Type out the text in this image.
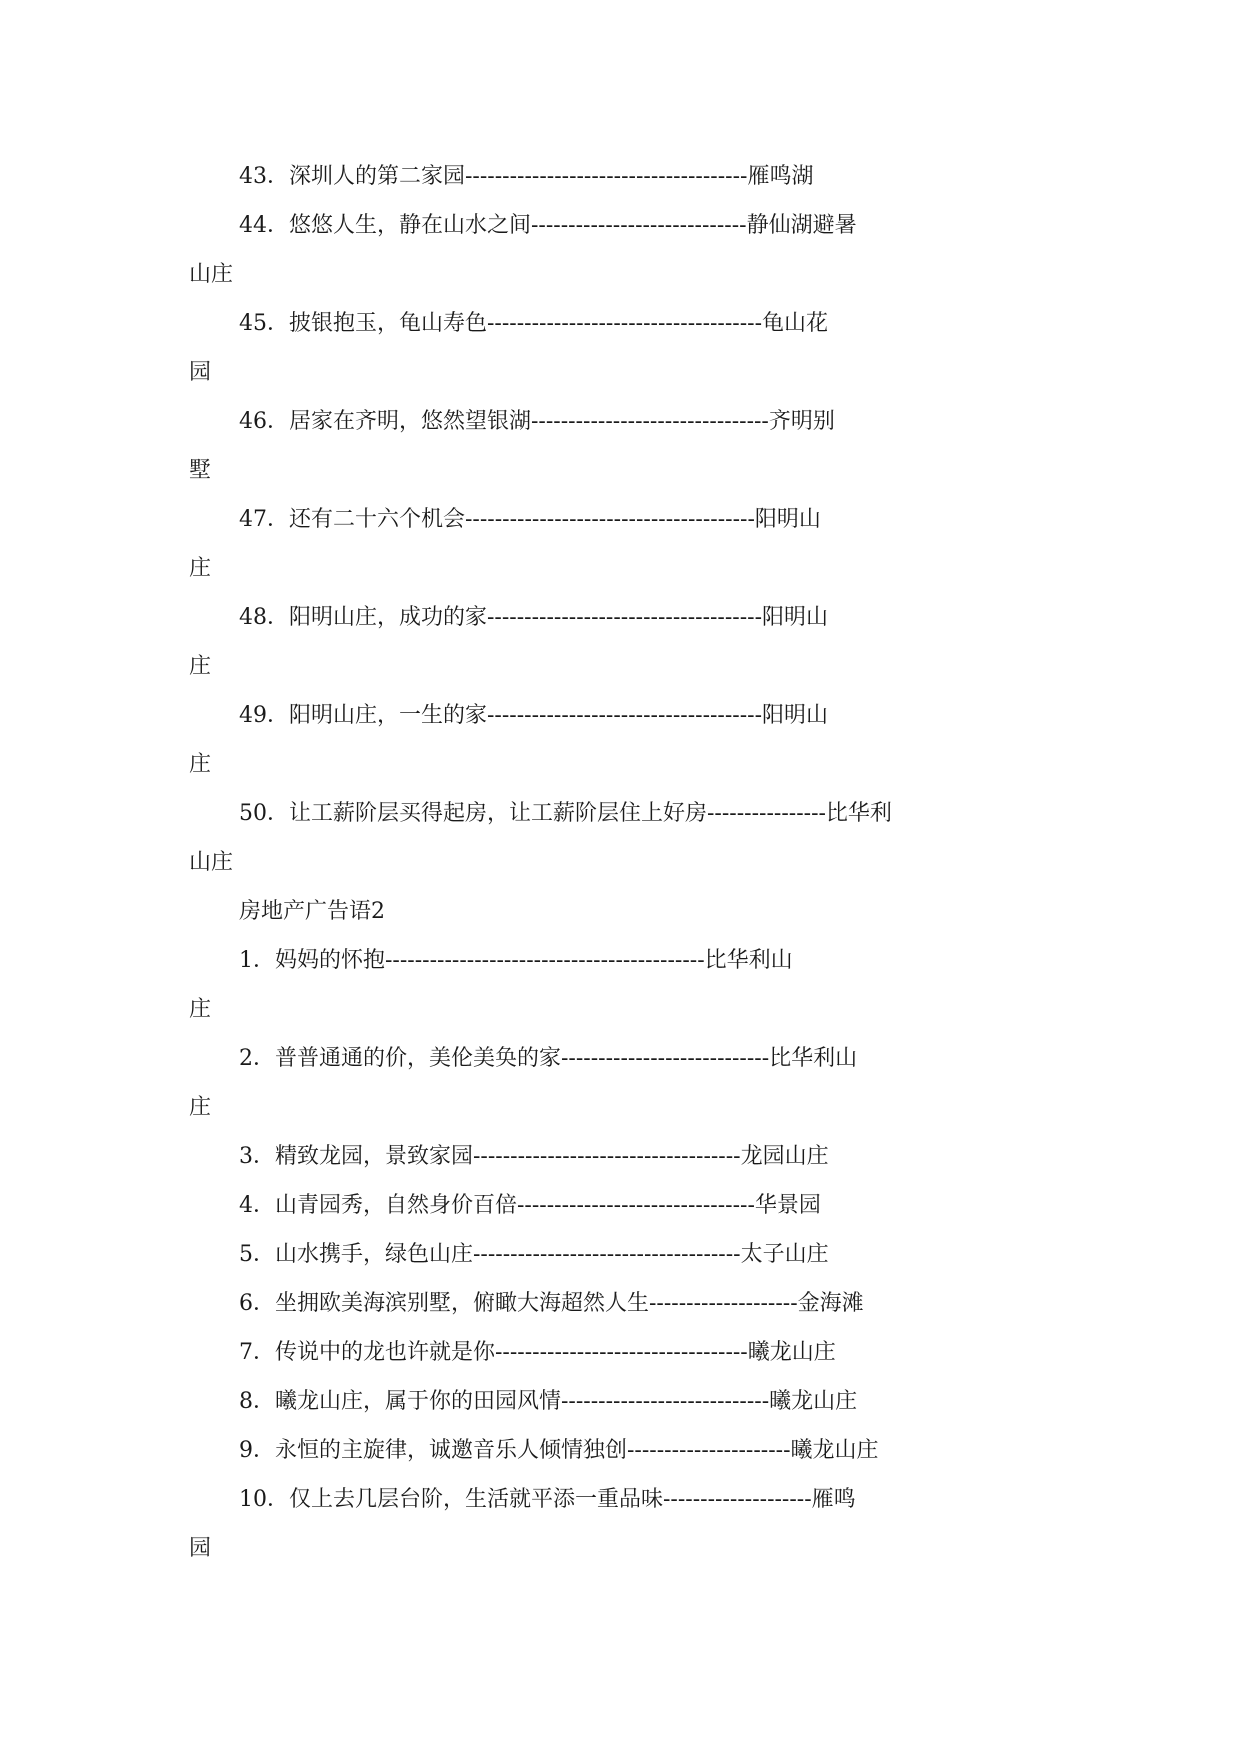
43．深圳人的第二家园--------------------------------------雁鸣湖
44．悠悠人生，静在山水之间-----------------------------静仙湖避暑
山庄
45．披银抱玉，龟山寿色-------------------------------------龟山花
园
46．居家在齐明，悠然望银湖--------------------------------齐明别
墅
47．还有二十六个机会---------------------------------------阳明山
庄
48．阳明山庄，成功的家-------------------------------------阳明山
庄
49．阳明山庄，一生的家-------------------------------------阳明山
庄
50．让工薪阶层买得起房，让工薪阶层住上好房----------------比华利
山庄
房地产广告语2
1．妈妈的怀抱-------------------------------------------比华利山
庄
2．普普通通的价，美伦美奂的家----------------------------比华利山
庄
3．精致龙园，景致家园------------------------------------龙园山庄
4．山青园秀，自然身价百倍--------------------------------华景园
5．山水携手，绿色山庄------------------------------------太子山庄
6．坐拥欧美海滨别墅，俯瞰大海超然人生--------------------金海滩
7．传说中的龙也许就是你----------------------------------曦龙山庄
8．曦龙山庄，属于你的田园风情----------------------------曦龙山庄
9．永恒的主旋律，诚邀音乐人倾情独创----------------------曦龙山庄
10．仅上去几层台阶，生活就平添一重品味--------------------雁鸣
园
